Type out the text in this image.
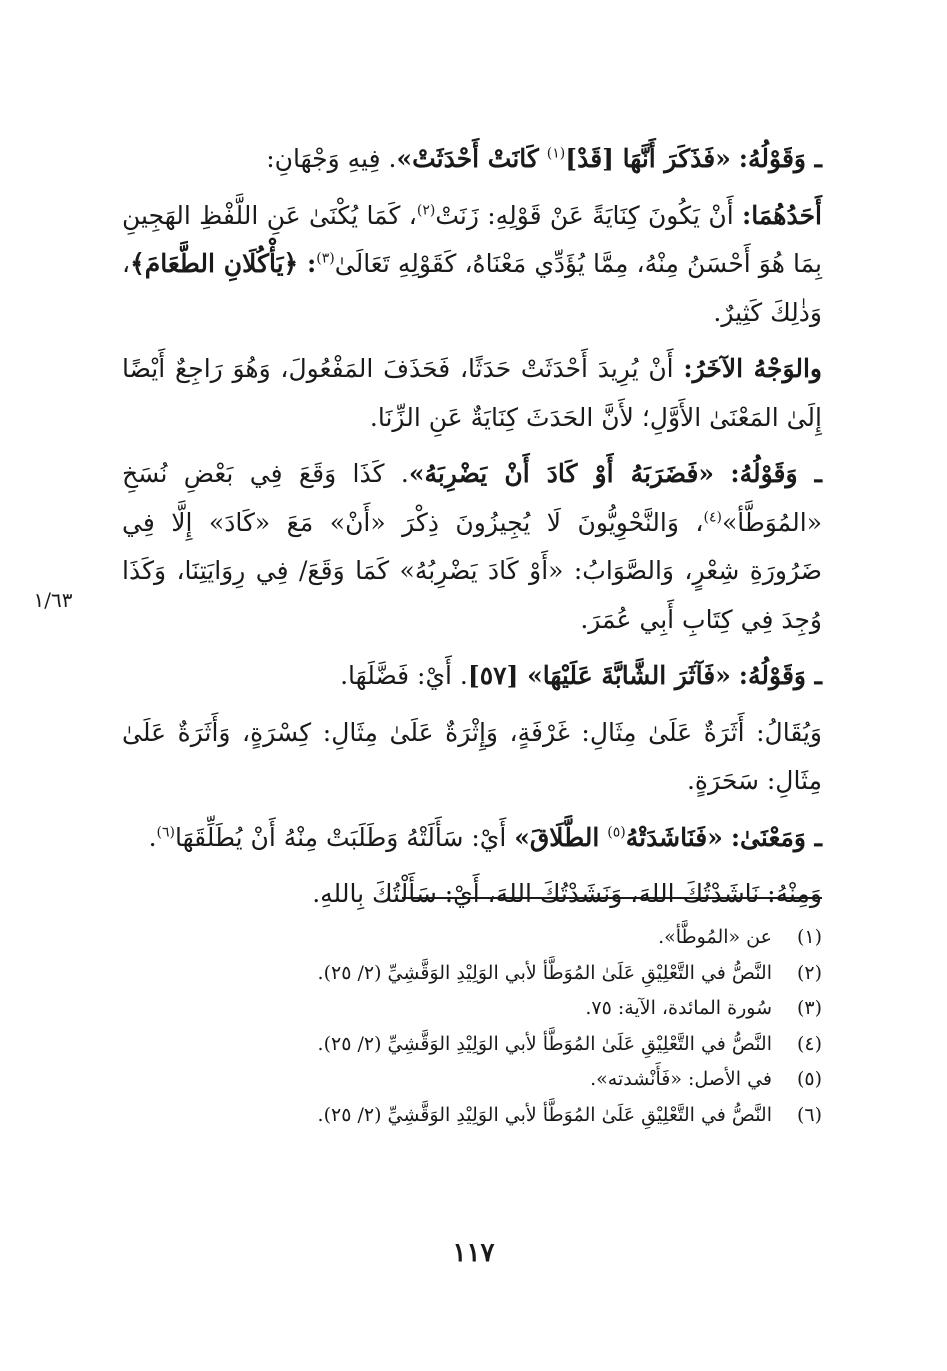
ـ وَقَوْلُهُ: «فَذَكَرَ أَنَّهَا [قَدْ]$^{(١)}$ كَانَتْ أَحْدَثَتْ». فِيهِ وَجْهَانِ:

أَحَدُهُمَا: أَنْ يَكُونَ كِنَايَةً عَنْ قَوْلِهِ: زَنَتْ$^{(٢)}$، كَمَا يُكْنَىٰ عَنِ اللَّفْظِ الهَجِينِ بِمَا هُوَ أَحْسَنُ مِنْهُ، مِمَّا يُؤَدِّي مَعْنَاهُ، كَقَوْلِهِ تَعَالَىٰ$^{(٣)}$: ﴿يَأْكُلَانِ الطَّعَامَ﴾، وَذٰلِكَ كَثِيرٌ.

والوَجْهُ الآخَرُ: أَنْ يُرِيدَ أَحْدَثَتْ حَدَثًا، فَحَذَفَ المَفْعُولَ، وَهُوَ رَاجِعٌ أَيْضًا إِلَىٰ المَعْنَىٰ الأَوَّلِ؛ لأَنَّ الحَدَثَ كِنَايَةٌ عَنِ الزِّنَا.

ـ وَقَوْلُهُ: «فَضَرَبَهُ أَوْ كَادَ أَنْ يَضْرِبَهُ». كَذَا وَقَعَ فِي بَعْضِ نُسَخِ «المُوَطَّأ»$^{(٤)}$، وَالنَّحْوِيُّونَ لَا يُجِيزُونَ ذِكْرَ «أَنْ» مَعَ «كَادَ» إِلَّا فِي ضَرُورَةِ شِعْرٍ، وَالصَّوَابُ: «أَوْ كَادَ يَضْرِبُهُ» كَمَا وَقَعَ/ فِي رِوَايَتِنَا، وَكَذَا وُجِدَ فِي كِتَابِ أَبِي عُمَرَ.

ـ وَقَوْلُهُ: «فَآثَرَ الشَّابَّةَ عَلَيْهَا» [٥٧]. أَيْ: فَضَّلَهَا.

وَيُقَالُ: أَثَرَةٌ عَلَىٰ مِثَالِ: غَرْفَةٍ، وَإِثْرَةٌ عَلَىٰ مِثَالِ: كِسْرَةٍ، وَأَثَرَةٌ عَلَىٰ مِثَالِ: سَحَرَةٍ.

ـ وَمَعْنَىٰ: «فَنَاشَدَتْهُ$^{(٥)}$ الطَّلَاقَ» أَيْ: سَأَلَتْهُ وَطَلَبَتْ مِنْهُ أَنْ يُطَلِّقَهَا$^{(٦)}$.

وَمِنْهُ: نَاشَدْتُكَ اللهَ، وَنَشَدْتُكَ اللهَ، أَيْ: سَأَلْتُكَ بِاللهِ.

١/٦٣

(١)
عن «المُوطَّأ».

(٢)
النَّصُّ في التَّعْلِيْقِ عَلَىٰ المُوَطَّأ لأبي الوَلِيْدِ الوَقَّشِيِّ (٢/ ٢٥).

(٣)
سُورة المائدة، الآية: ٧٥.

(٤)
النَّصُّ في التَّعْلِيْقِ عَلَىٰ المُوَطَّأ لأبي الوَلِيْدِ الوَقَّشِيِّ (٢/ ٢٥).

(٥)
في الأصل: «فَأَنْشدته».

(٦)
النَّصُّ في التَّعْلِيْقِ عَلَىٰ المُوَطَّأ لأبي الوَلِيْدِ الوَقَّشِيِّ (٢/ ٢٥).

١١٧
